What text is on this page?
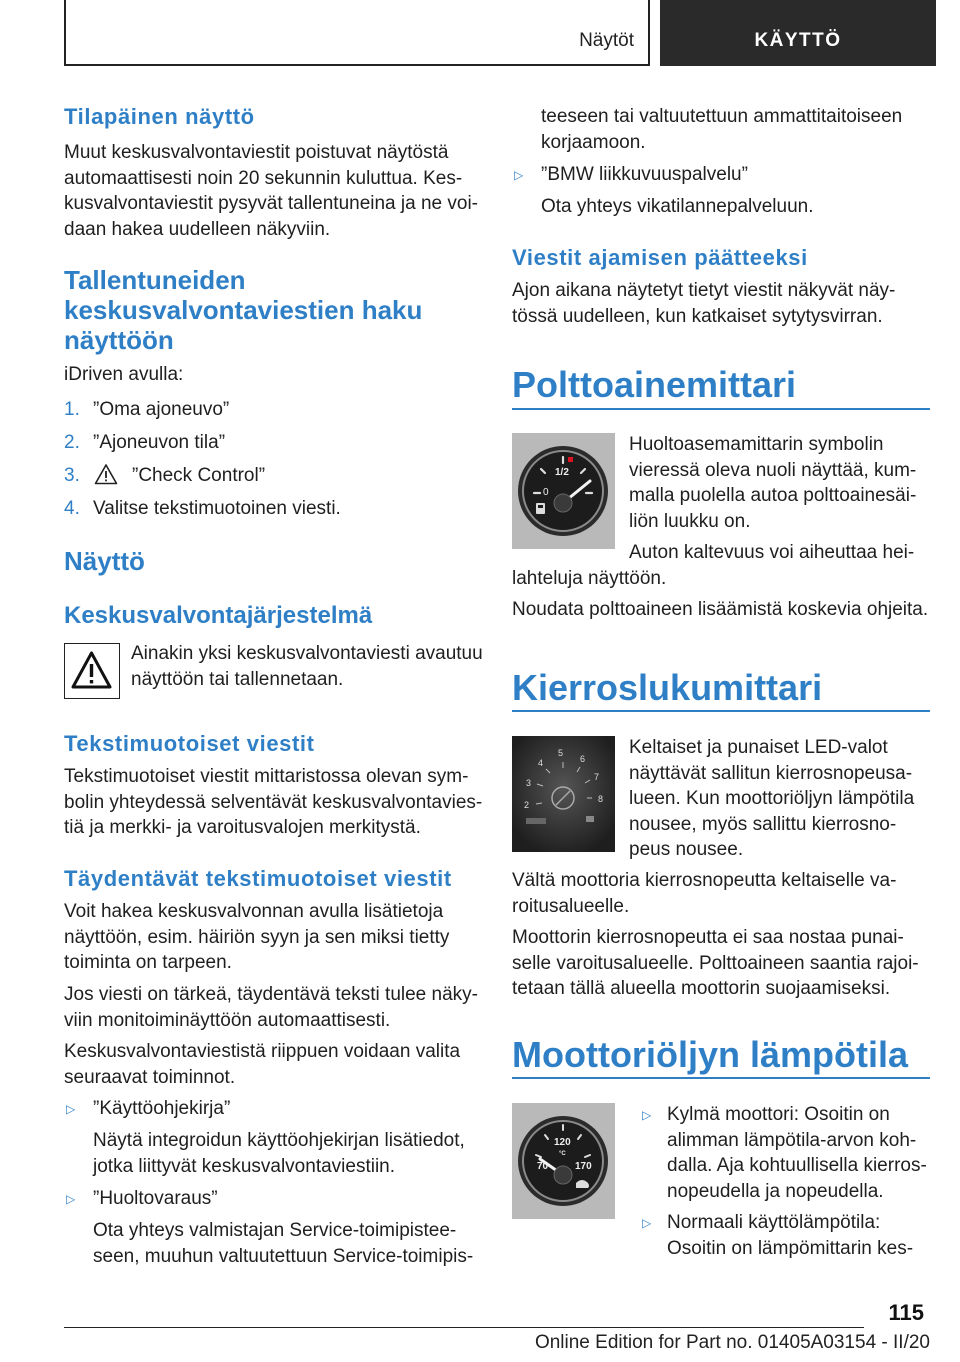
Näytöt	KÄYTTÖ
Tilapäinen näyttö
Muut keskusvalvontaviestit poistuvat näytöstä
automaattisesti noin 20 sekunnin kuluttua. Kes‐
kusvalvontaviestit pysyvät tallentuneina ja ne voi‐
daan hakea uudelleen näkyviin.
Tallentuneiden
keskusvalvontaviestien haku
näyttöön
iDriven avulla:
1. ”Oma ajoneuvo”
2. ”Ajoneuvon tila”
3.	”Check Control”
4. Valitse tekstimuotoinen viesti.
Näyttö
Keskusvalvontajärjestelmä
Ainakin yksi keskusvalvontaviesti avautuu
näyttöön tai tallennetaan.
Tekstimuotoiset viestit
Tekstimuotoiset viestit mittaristossa olevan sym‐
bolin yhteydessä selventävät keskusvalvontavies‐
tiä ja merkki- ja varoitusvalojen merkitystä.
Täydentävät tekstimuotoiset viestit
Voit hakea keskusvalvonnan avulla lisätietoja
näyttöön, esim. häiriön syyn ja sen miksi tietty
toiminta on tarpeen.
Jos viesti on tärkeä, täydentävä teksti tulee näky‐
viin monitoiminäyttöön automaattisesti.
Keskusvalvontaviestistä riippuen voidaan valita
seuraavat toiminnot.
▷ ”Käyttöohjekirja”
Näytä integroidun käyttöohjekirjan lisätiedot,
jotka liittyvät keskusvalvontaviestiin.
▷ ”Huoltovaraus”
Ota yhteys valmistajan Service-toimipistee‐
seen, muuhun valtuutettuun Service-toimipis‐
teeseen tai valtuutettuun ammattitaitoiseen
korjaamoon.
▷ ”BMW liikkuvuuspalvelu”
Ota yhteys vikatilannepalveluun.
Viestit ajamisen päätteeksi
Ajon aikana näytetyt tietyt viestit näkyvät näy‐
tössä uudelleen, kun katkaiset sytytysvirran.
Polttoainemittari
0
1/2
Huoltoasemamittarin symbolin
vieressä oleva nuoli näyttää, kum‐
malla puolella autoa polttoainesäi‐
liön luukku on.
Auton kaltevuus voi aiheuttaa hei‐
lahteluja näyttöön.
Noudata polttoaineen lisäämistä koskevia ohjeita.
Kierroslukumittari
2
3
4
5
6
7
8
Keltaiset ja punaiset LED-valot
näyttävät sallitun kierrosnopeusa‐
lueen. Kun moottoriöljyn lämpötila
nousee, myös sallittu kierrosno‐
peus nousee.
Vältä moottoria kierrosnopeutta keltaiselle va‐
roitusalueelle.
Moottorin kierrosnopeutta ei saa nostaa punai‐
selle varoitusalueelle. Polttoaineen saantia rajoi‐
tetaan tällä alueella moottorin suojaamiseksi.
Moottoriöljyn lämpötila
120
°C
70	170
▷ Kylmä moottori: Osoitin on
alimman lämpötila-arvon koh‐
dalla. Aja kohtuullisella kierros‐
nopeudella ja nopeudella.
▷ Normaali käyttölämpötila:
Osoitin on lämpömittarin kes‐
115
Online Edition for Part no. 01405A03154 - II/20
